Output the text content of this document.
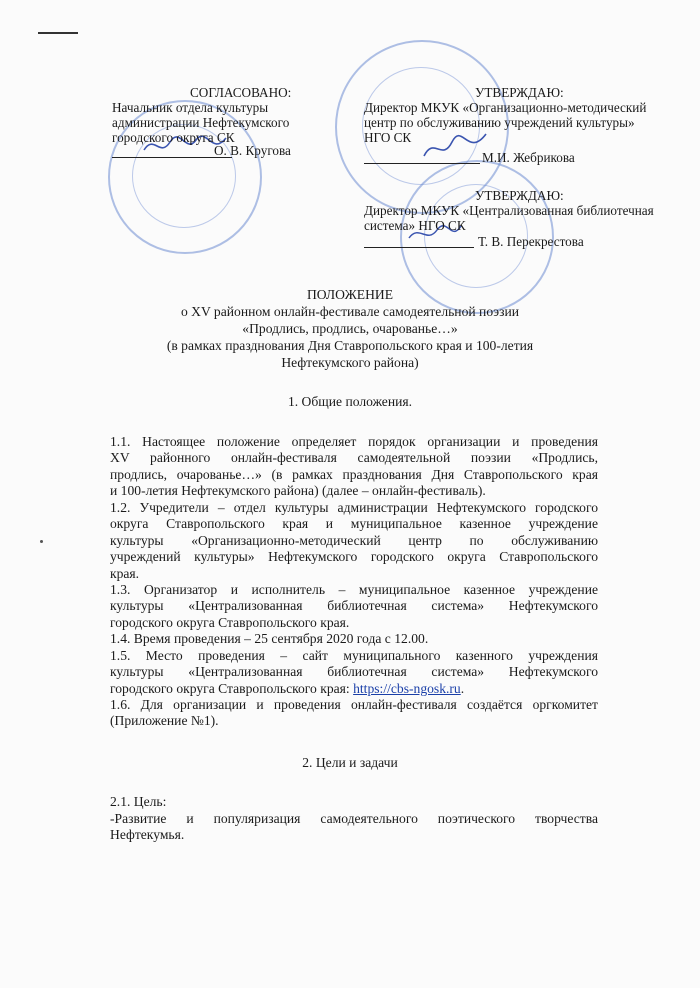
СОГЛАСОВАНО:
Начальник отдела культуры
администрации Нефтекумского
городского округа СК
О. В. Кругова
УТВЕРЖДАЮ:
Директор МКУК «Организационно-методический
центр по обслуживанию учреждений культуры»
НГО СК
М.И. Жебрикова
УТВЕРЖДАЮ:
Директор МКУК «Централизованная библиотечная
система» НГО СК
Т. В. Перекрестова
ПОЛОЖЕНИЕ
о XV районном онлайн-фестивале самодеятельной поэзии
«Продлись, продлись, очарованье…»
(в рамках празднования Дня Ставропольского края и 100-летия
Нефтекумского района)
1. Общие положения.
1.1. Настоящее положение определяет порядок организации и проведения
XV районного онлайн-фестиваля самодеятельной поэзии «Продлись,
продлись, очарованье…» (в рамках празднования Дня Ставропольского края
и 100-летия Нефтекумского района) (далее – онлайн-фестиваль).
1.2. Учредители – отдел культуры администрации Нефтекумского городского
округа Ставропольского края и муниципальное казенное учреждение
культуры «Организационно-методический центр по обслуживанию
учреждений культуры» Нефтекумского городского округа Ставропольского
края.
1.3. Организатор и исполнитель – муниципальное казенное учреждение
культуры «Централизованная библиотечная система» Нефтекумского
городского округа Ставропольского края.
1.4. Время проведения – 25 сентября 2020 года с 12.00.
1.5. Место проведения – сайт муниципального казенного учреждения
культуры «Централизованная библиотечная система» Нефтекумского
городского округа Ставропольского края: https://cbs-ngosk.ru.
1.6. Для организации и проведения онлайн-фестиваля создаётся оргкомитет
(Приложение №1).
2. Цели и задачи
2.1. Цель:
-Развитие и популяризация самодеятельного поэтического творчества
Нефтекумья.
